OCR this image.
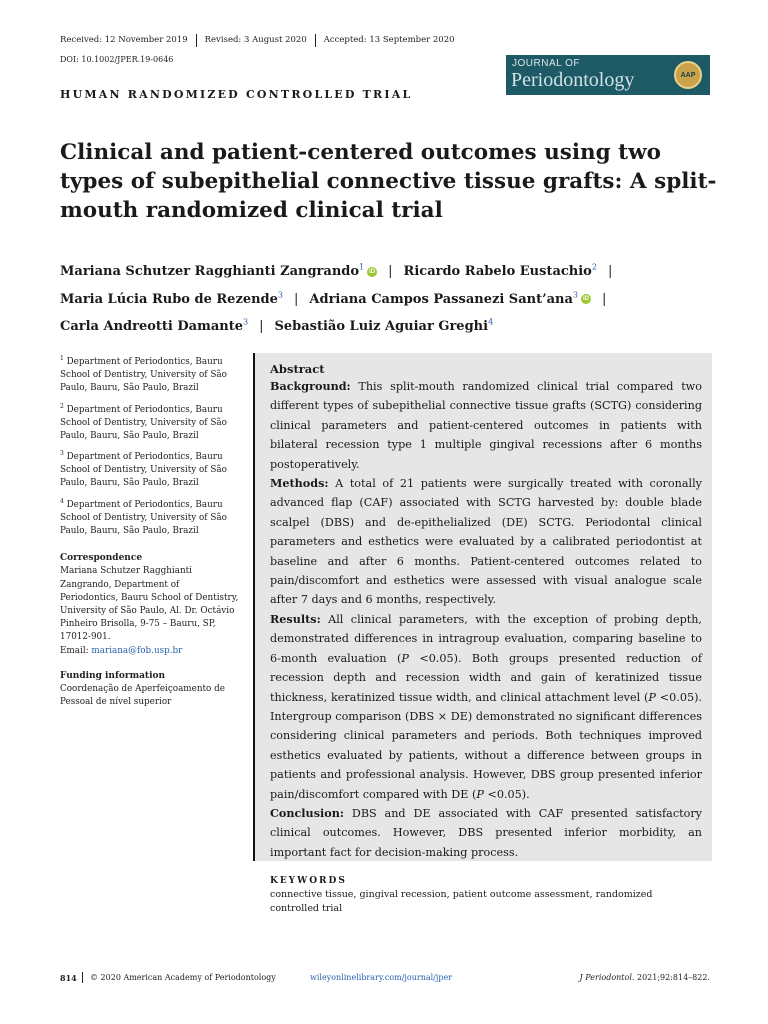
Received: 12 November 2019	Revised: 3 August 2020	Accepted: 13 September 2020
DOI: 10.1002/JPER.19-0646	JOURNAL OF
Periodontology	AAP
HUMAN RANDOMIZED CONTROLLED TRIAL
Clinical and patient-centered outcomes using two types of subepithelial connective tissue grafts: A split-mouth randomized clinical trial
Mariana Schutzer Ragghianti Zangrando$^1$ iD | Ricardo Rabelo Eustachio$^2$ |
Maria Lúcia Rubo de Rezende$^3$ | Adriana Campos Passanezi Sant’ana$^3$ iD |
Carla Andreotti Damante$^3$ | Sebastião Luiz Aguiar Greghi$^4$

$^1$ Department of Periodontics, Bauru School of Dentistry, University of São Paulo, Bauru, São Paulo, Brazil

$^2$ Department of Periodontics, Bauru School of Dentistry, University of São Paulo, Bauru, São Paulo, Brazil

$^3$ Department of Periodontics, Bauru School of Dentistry, University of São Paulo, Bauru, São Paulo, Brazil

$^4$ Department of Periodontics, Bauru School of Dentistry, University of São Paulo, Bauru, São Paulo, Brazil

Correspondence

Mariana Schutzer Ragghianti Zangrando, Department of Periodontics, Bauru School of Dentistry, University of São Paulo, Al. Dr. Octávio Pinheiro Brisolla, 9-75 – Bauru, SP, 17012-901.
Email: mariana@fob.usp.br

Funding information

Coordenação de Aperfeiçoamento de Pessoal de nível superior

Abstract

Background: This split-mouth randomized clinical trial compared two different types of subepithelial connective tissue grafts (SCTG) considering clinical parameters and patient-centered outcomes in patients with bilateral recession type 1 multiple gingival recessions after 6 months postoperatively.

Methods: A total of 21 patients were surgically treated with coronally advanced flap (CAF) associated with SCTG harvested by: double blade scalpel (DBS) and de-epithelialized (DE) SCTG. Periodontal clinical parameters and esthetics were evaluated by a calibrated periodontist at baseline and after 6 months. Patient-centered outcomes related to pain/discomfort and esthetics were assessed with visual analogue scale after 7 days and 6 months, respectively.

Results: All clinical parameters, with the exception of probing depth, demonstrated differences in intragroup evaluation, comparing baseline to 6-month evaluation (P <0.05). Both groups presented reduction of recession depth and recession width and gain of keratinized tissue thickness, keratinized tissue width, and clinical attachment level (P <0.05). Intergroup comparison (DBS × DE) demonstrated no significant differences considering clinical parameters and periods. Both techniques improved esthetics evaluated by patients, without a difference between groups in patients and professional analysis. However, DBS group presented inferior pain/discomfort compared with DE (P <0.05).

Conclusion: DBS and DE associated with CAF presented satisfactory clinical outcomes. However, DBS presented inferior morbidity, an important fact for decision-making process.

KEYWORDS

connective tissue, gingival recession, patient outcome assessment, randomized controlled trial

814 © 2020 American Academy of Periodontology	wileyonlinelibrary.com/journal/jper	J Periodontol. 2021;92:814–822.
